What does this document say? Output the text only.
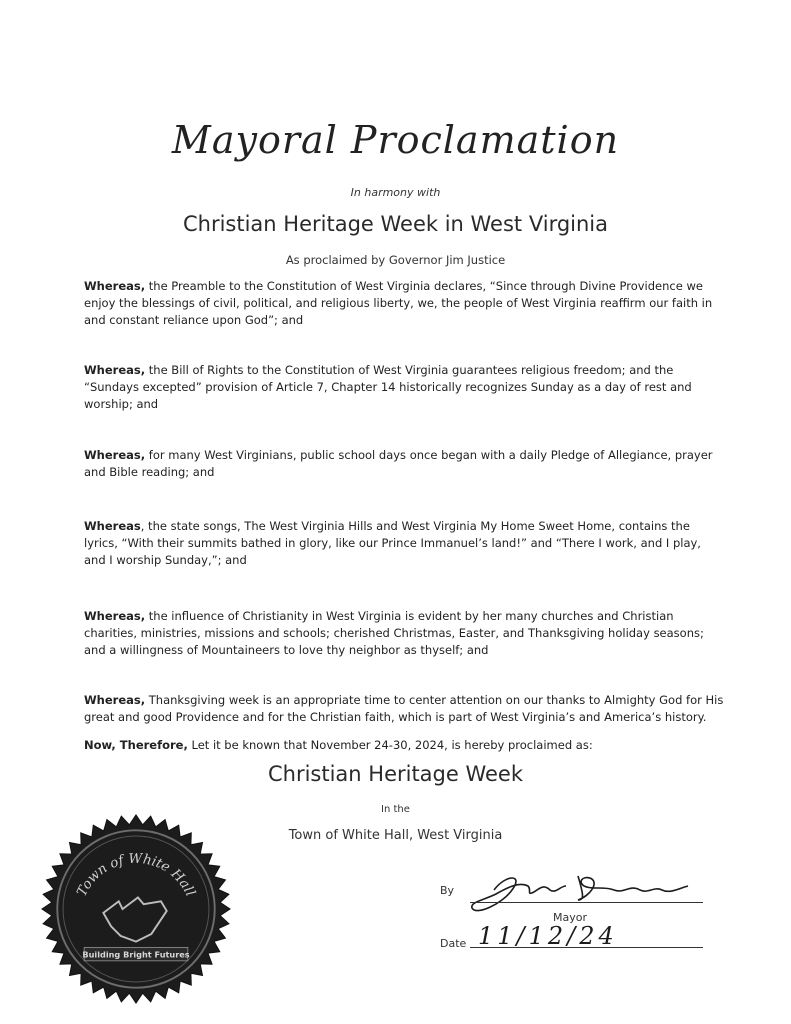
Mayoral Proclamation
In harmony with
Christian Heritage Week in West Virginia
As proclaimed by Governor Jim Justice
Whereas, the Preamble to the Constitution of West Virginia declares, “Since through Divine Providence we enjoy the blessings of civil, political, and religious liberty, we, the people of West Virginia reaffirm our faith in and constant reliance upon God”; and
Whereas, the Bill of Rights to the Constitution of West Virginia guarantees religious freedom; and the “Sundays excepted” provision of Article 7, Chapter 14 historically recognizes Sunday as a day of rest and worship; and
Whereas, for many West Virginians, public school days once began with a daily Pledge of Allegiance, prayer and Bible reading; and
Whereas, the state songs, The West Virginia Hills and West Virginia My Home Sweet Home, contains the lyrics, “With their summits bathed in glory, like our Prince Immanuel’s land!” and “There I work, and I play, and I worship Sunday,”; and
Whereas, the influence of Christianity in West Virginia is evident by her many churches and Christian charities, ministries, missions and schools; cherished Christmas, Easter, and Thanksgiving holiday seasons; and a willingness of Mountaineers to love thy neighbor as thyself; and
Whereas, Thanksgiving week is an appropriate time to center attention on our thanks to Almighty God for His great and good Providence and for the Christian faith, which is part of West Virginia’s and America’s history.
Now, Therefore, Let it be known that November 24-30, 2024, is hereby proclaimed as:
Christian Heritage Week
In the
Town of White Hall, West Virginia
Town of White Hall
Building Bright Futures
By
Mayor
Date 11/12/24
